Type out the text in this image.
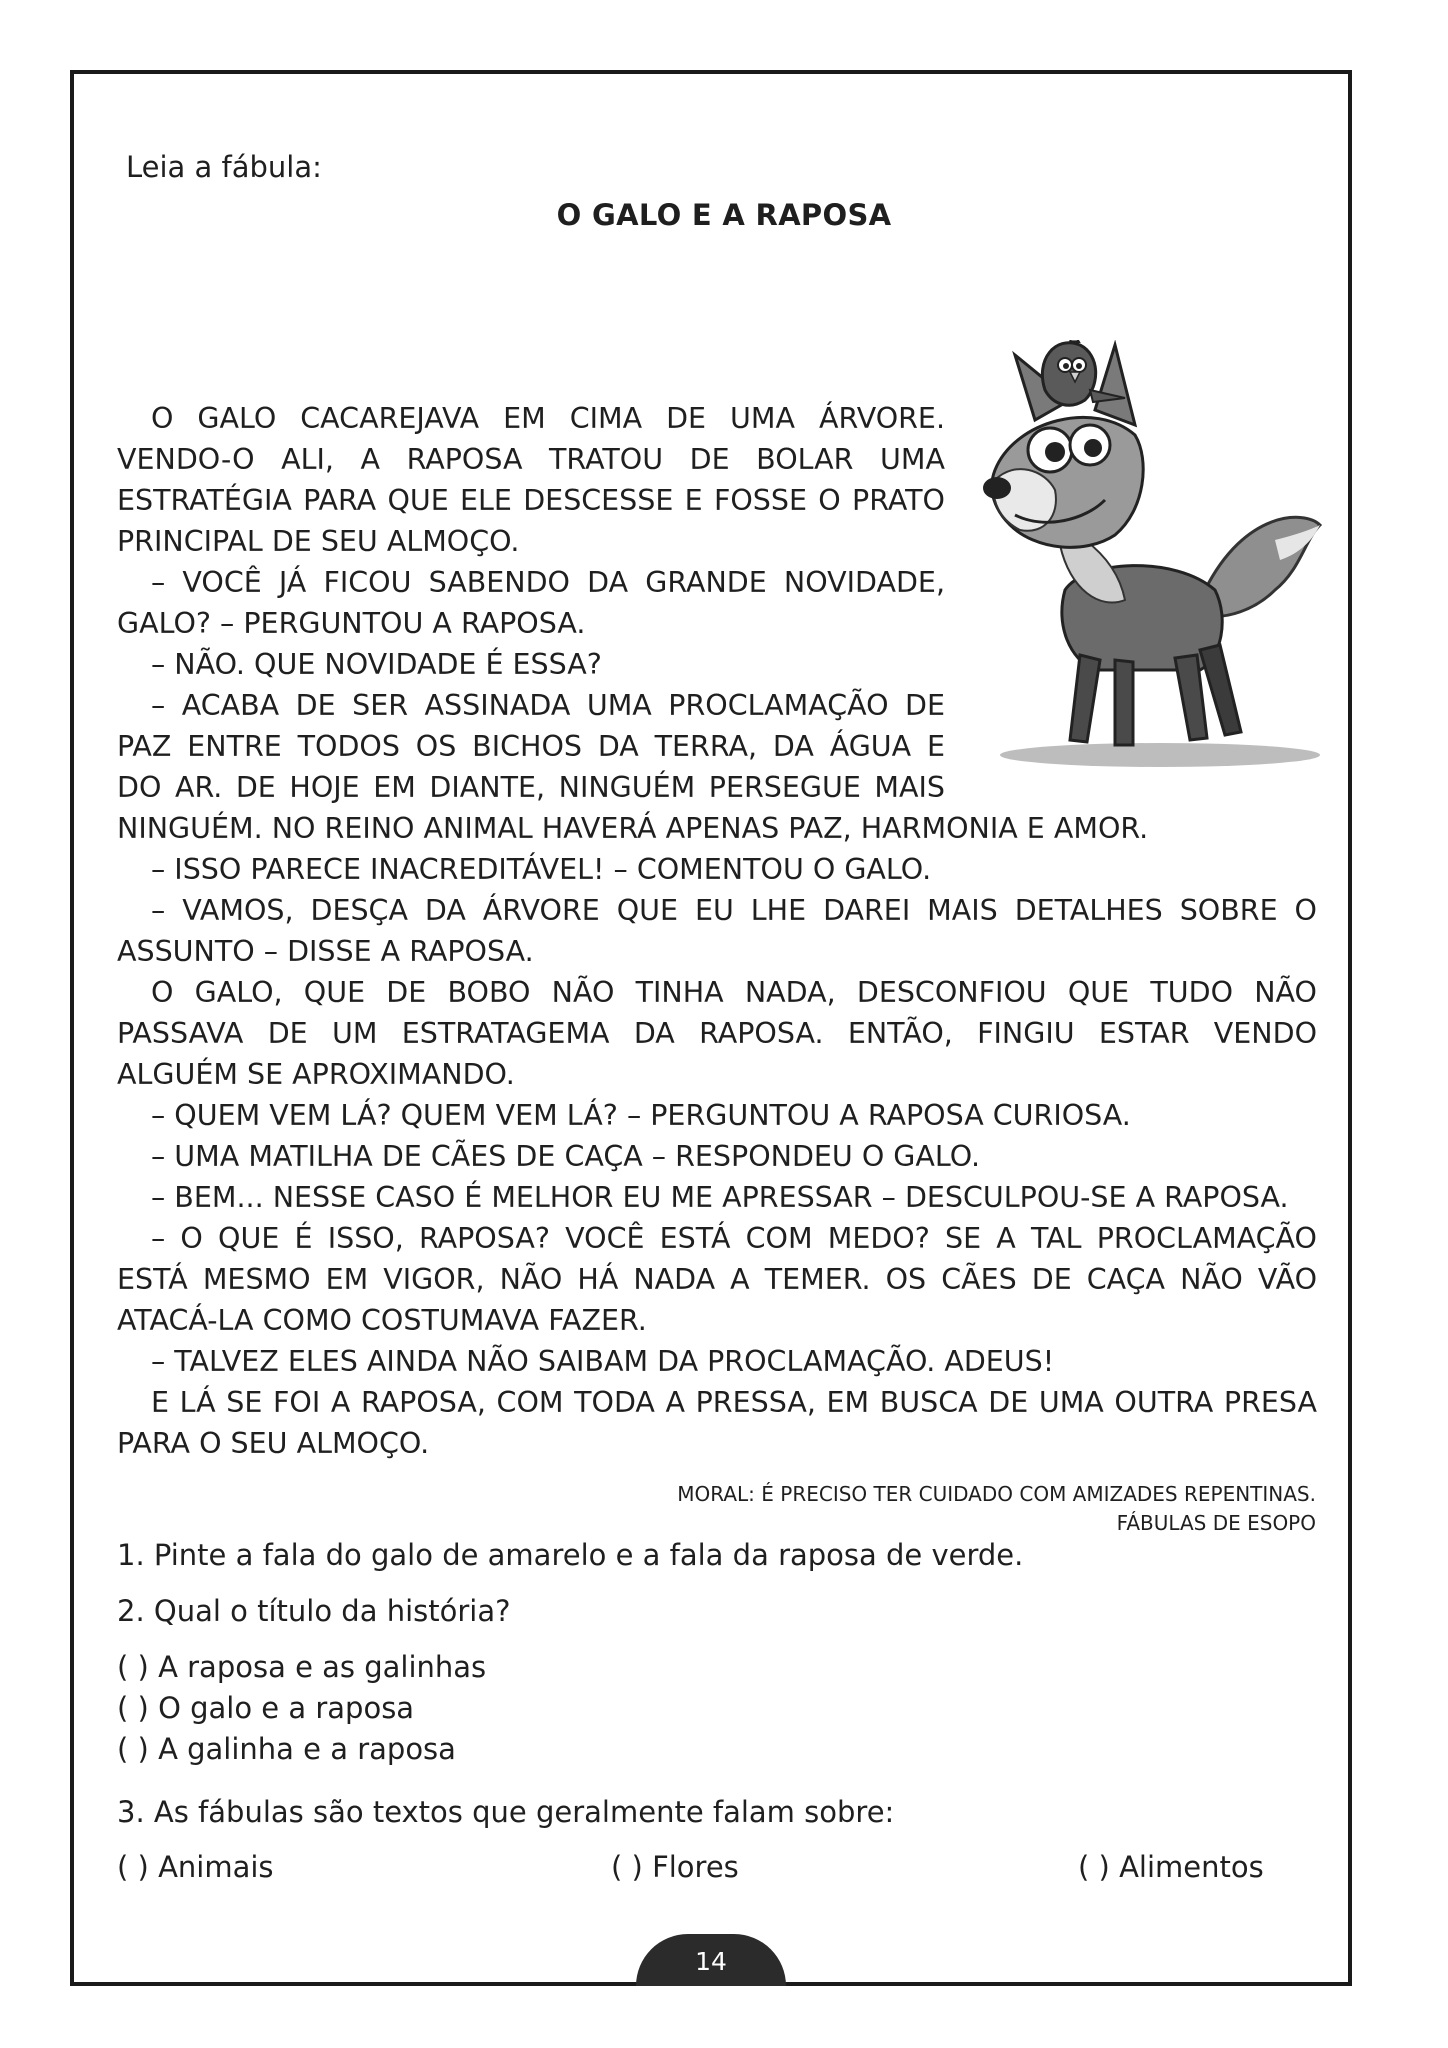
Leia a fábula:
O GALO E A RAPOSA

O GALO CACAREJAVA EM CIMA DE UMA ÁRVORE.

VENDO-O ALI, A RAPOSA TRATOU DE BOLAR UMA

ESTRATÉGIA PARA QUE ELE DESCESSE E FOSSE O PRATO

PRINCIPAL DE SEU ALMOÇO.

– VOCÊ JÁ FICOU SABENDO DA GRANDE NOVIDADE,

GALO? – PERGUNTOU A RAPOSA.

– NÃO. QUE NOVIDADE É ESSA?

– ACABA DE SER ASSINADA UMA PROCLAMAÇÃO DE

PAZ ENTRE TODOS OS BICHOS DA TERRA, DA ÁGUA E

DO AR. DE HOJE EM DIANTE, NINGUÉM PERSEGUE MAIS

NINGUÉM. NO REINO ANIMAL HAVERÁ APENAS PAZ, HARMONIA E AMOR.

– ISSO PARECE INACREDITÁVEL! – COMENTOU O GALO.

– VAMOS, DESÇA DA ÁRVORE QUE EU LHE DAREI MAIS DETALHES SOBRE O

ASSUNTO – DISSE A RAPOSA.

O GALO, QUE DE BOBO NÃO TINHA NADA, DESCONFIOU QUE TUDO NÃO

PASSAVA DE UM ESTRATAGEMA DA RAPOSA. ENTÃO, FINGIU ESTAR VENDO

ALGUÉM SE APROXIMANDO.

– QUEM VEM LÁ? QUEM VEM LÁ? – PERGUNTOU A RAPOSA CURIOSA.

– UMA MATILHA DE CÃES DE CAÇA – RESPONDEU O GALO.

– BEM... NESSE CASO É MELHOR EU ME APRESSAR – DESCULPOU-SE A RAPOSA.

– O QUE É ISSO, RAPOSA? VOCÊ ESTÁ COM MEDO? SE A TAL PROCLAMAÇÃO

ESTÁ MESMO EM VIGOR, NÃO HÁ NADA A TEMER. OS CÃES DE CAÇA NÃO VÃO

ATACÁ-LA COMO COSTUMAVA FAZER.

– TALVEZ ELES AINDA NÃO SAIBAM DA PROCLAMAÇÃO. ADEUS!

E LÁ SE FOI A RAPOSA, COM TODA A PRESSA, EM BUSCA DE UMA OUTRA PRESA

PARA O SEU ALMOÇO.

MORAL: É PRECISO TER CUIDADO COM AMIZADES REPENTINAS.
FÁBULAS DE ESOPO
1. Pinte a fala do galo de amarelo e a fala da raposa de verde.
2. Qual o título da história?
( ) A raposa e as galinhas
( ) O galo e a raposa
( ) A galinha e a raposa
3. As fábulas são textos que geralmente falam sobre:
( ) Animais	( ) Flores	( ) Alimentos
14
